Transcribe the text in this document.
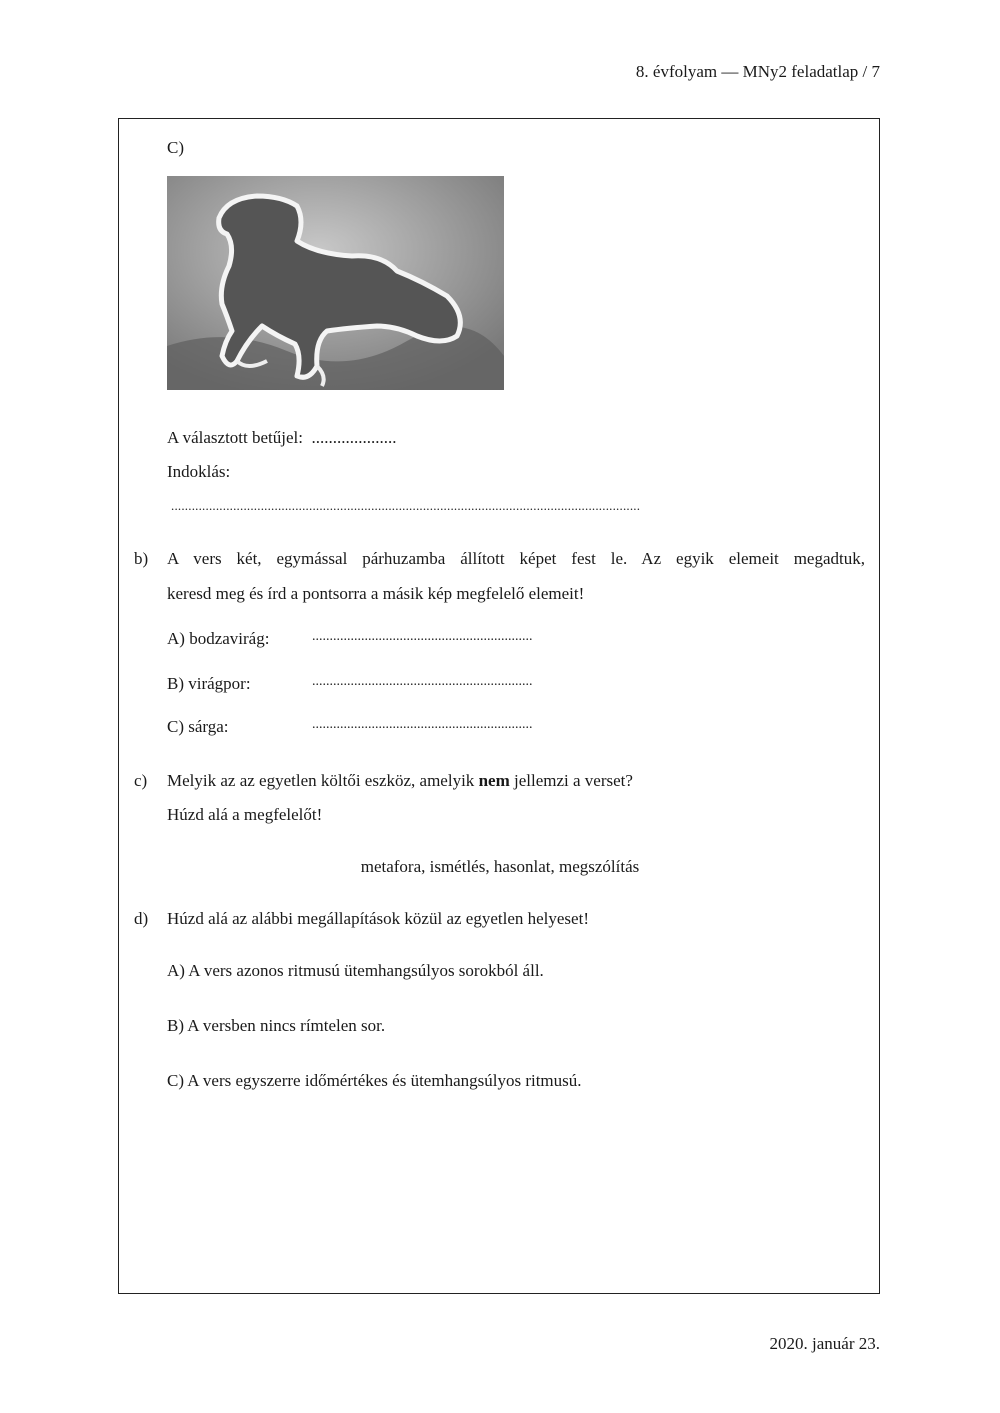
8. évfolyam — MNy2 feladatlap / 7
C)
A választott betűjel: ....................
Indoklás:
........................................................................................................................................
b) A vers két, egymással párhuzamba állított képet fest le. Az egyik elemeit megadtuk,
keresd meg és írd a pontsorra a másik kép megfelelő elemeit!
A) bodzavirág:	...............................................................
B) virágpor:	...............................................................
C) sárga:	...............................................................
c) Melyik az az egyetlen költői eszköz, amelyik nem jellemzi a verset?
Húzd alá a megfelelőt!
metafora, ismétlés, hasonlat, megszólítás
d) Húzd alá az alábbi megállapítások közül az egyetlen helyeset!
A) A vers azonos ritmusú ütemhangsúlyos sorokból áll.
B) A versben nincs rímtelen sor.
C) A vers egyszerre időmértékes és ütemhangsúlyos ritmusú.
2020. január 23.
